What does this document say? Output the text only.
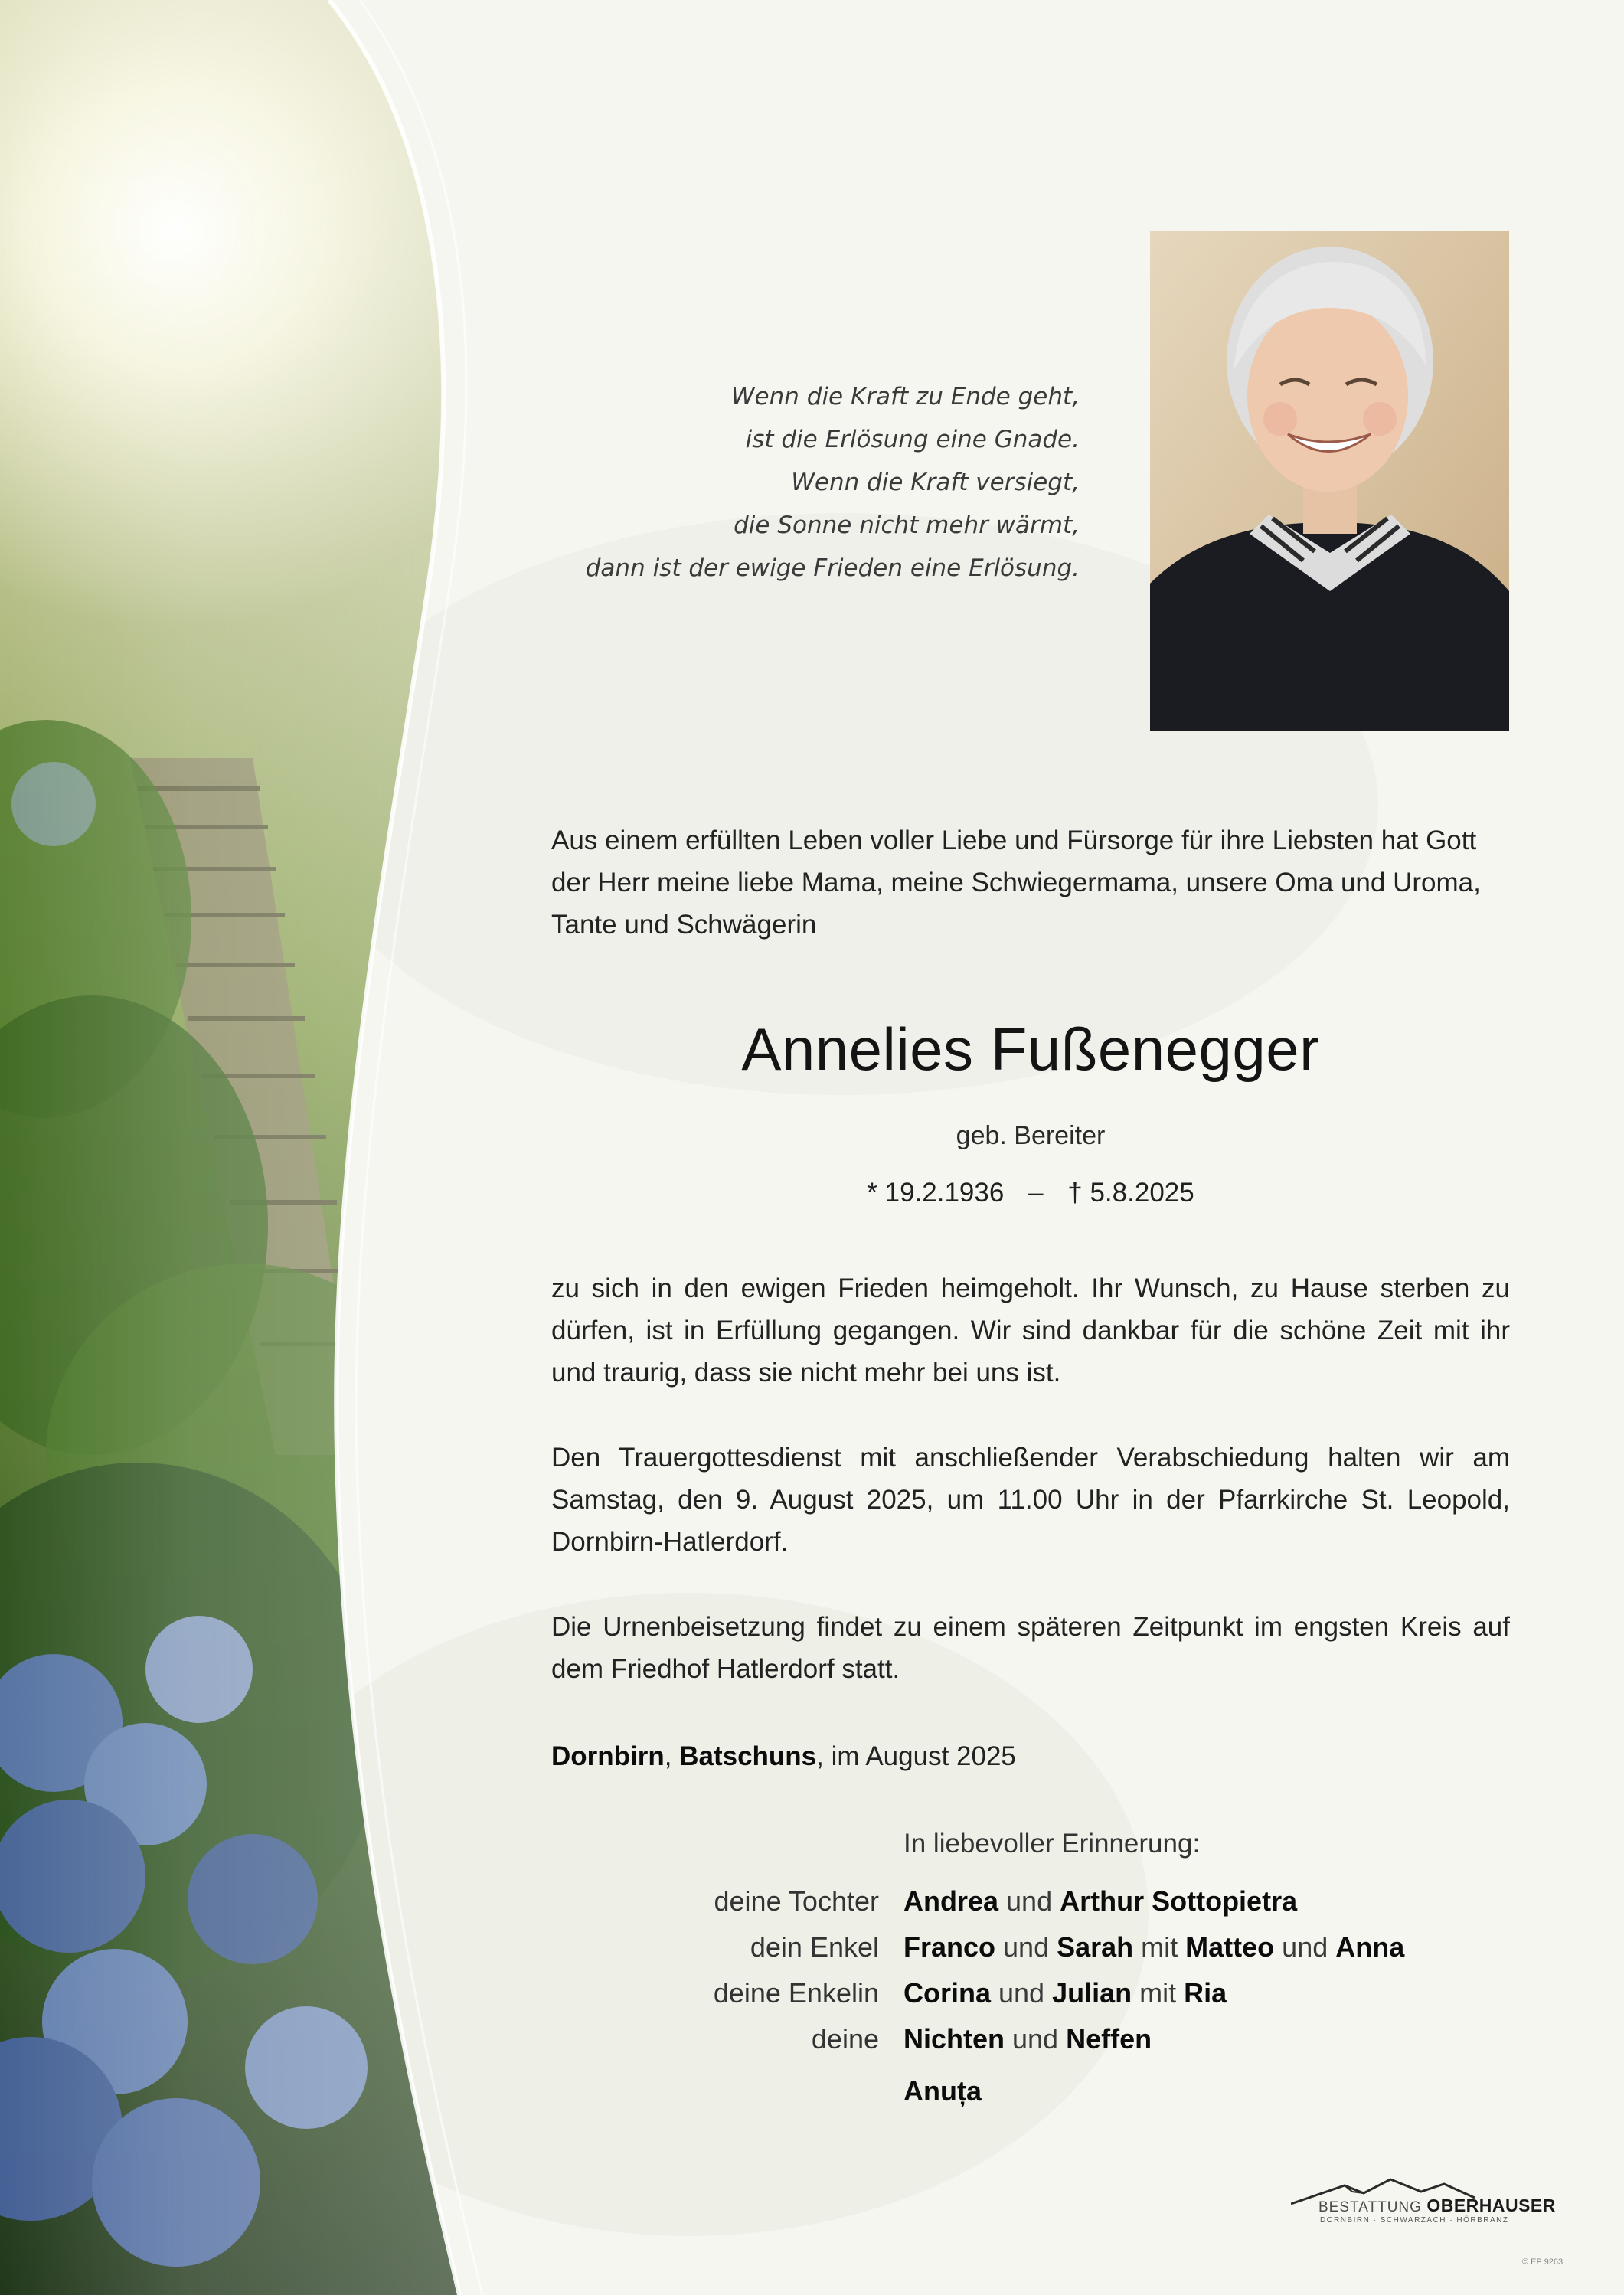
Wenn die Kraft zu Ende geht,
ist die Erlösung eine Gnade.
Wenn die Kraft versiegt,
die Sonne nicht mehr wärmt,
dann ist der ewige Frieden eine Erlösung.
Aus einem erfüllten Leben voller Liebe und Fürsorge für ihre Liebsten hat Gott
der Herr meine liebe Mama, meine Schwiegermama, unsere Oma und Uroma,
Tante und Schwägerin
Annelies Fußenegger
geb. Bereiter
* 19.2.1936 – † 5.8.2025
zu sich in den ewigen Frieden heimgeholt. Ihr Wunsch, zu Hause sterben zu dürfen, ist in Erfüllung gegangen. Wir sind dankbar für die schöne Zeit mit ihr und traurig, dass sie nicht mehr bei uns ist.
Den Trauergottesdienst mit anschließender Verabschiedung halten wir am Samstag, den 9. August 2025, um 11.00 Uhr in der Pfarrkirche St. Leopold, Dornbirn-Hatlerdorf.
Die Urnenbeisetzung findet zu einem späteren Zeitpunkt im engsten Kreis auf dem Friedhof Hatlerdorf statt.
Dornbirn, Batschuns, im August 2025
In liebevoller Erinnerung:
deine Tochter Andrea und Arthur Sottopietra
dein Enkel Franco und Sarah mit Matteo und Anna
deine Enkelin Corina und Julian mit Ria
deine Nichten und Neffen
Anuța
BESTATTUNG OBERHAUSER
DORNBIRN · SCHWARZACH · HÖRBRANZ
© EP 9263
